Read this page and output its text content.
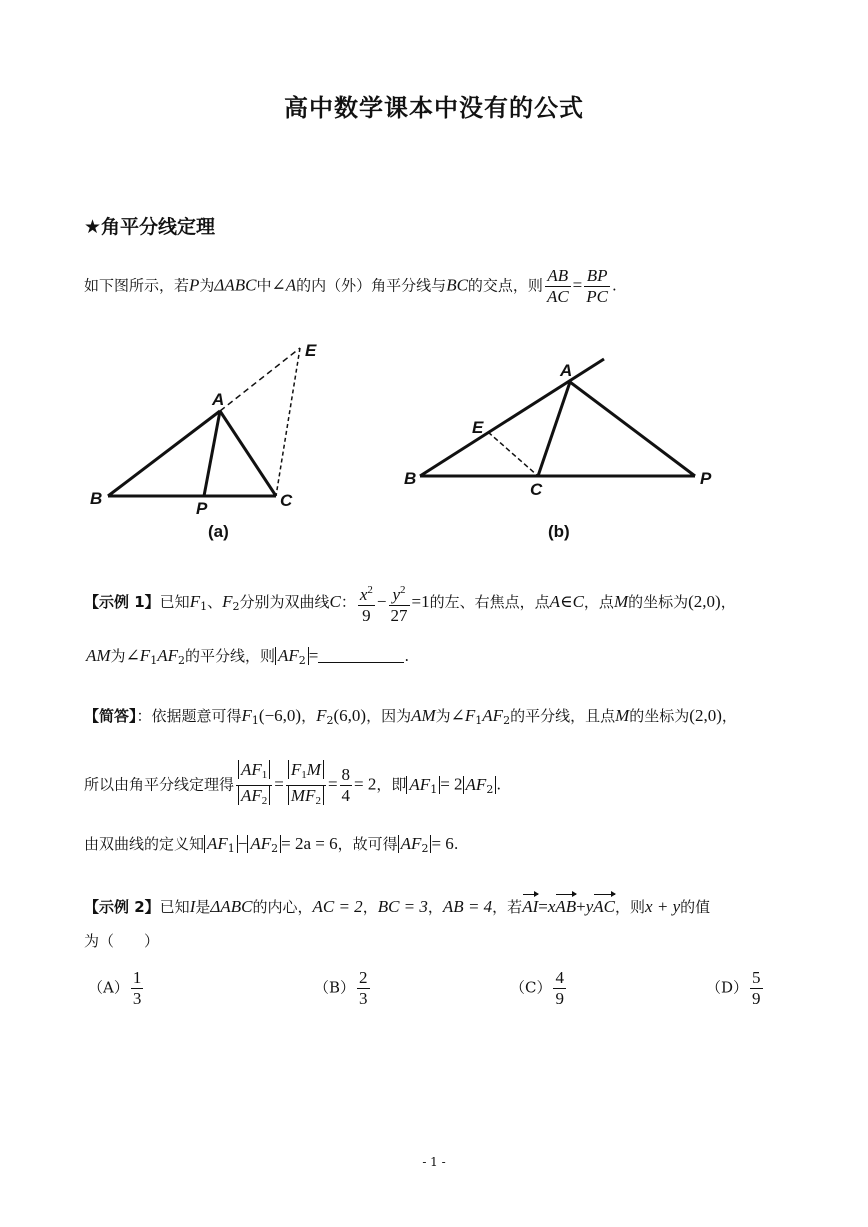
高中数学课本中没有的公式
★角平分线定理
如下图所示，若P为ΔABC中∠A的内（外）角平分线与BC的交点，则 $\frac{AB}{AC} = \frac{BP}{PC}$ .
A
B
P	C
E
(a)
A
B
C
E
P
(b)
【示例 1】已知$F_1$、$F_2$分别为双曲线C： $\frac{x^2}{9} - \frac{y^2}{27} =1$的左、右焦点，点A∈C，点M的坐标为(2,0)，
AM为$\angle F_1AF_2$的平分线，则 $AF_2$ =	.
【简答】：依据题意可得$F_1(-6,0)$，$F_2(6,0)$，因为AM为$\angle F_1AF_2$的平分线，且点M的坐标为(2,0)，
所以由角平分线定理得 $\frac{AF_1}{AF_2} = \frac{F_1M}{MF_2} = \frac{8}{4} = 2$，即 $AF_1 = 2$ $AF_2$ .
由双曲线的定义知 $AF_1 - AF_2 = 2a = 6$，故可得 $AF_2 = 6$.
【示例 2】已知I是ΔABC的内心，AC = 2，BC = 3，AB = 4，若AI=xAB+yAC，则x + y的值
为（　　）
$(A) \frac{1}{3}$	$(B) \frac{2}{3}$	$(C) \frac{4}{9}$	$(D) \frac{5}{9}$
- 1 -
